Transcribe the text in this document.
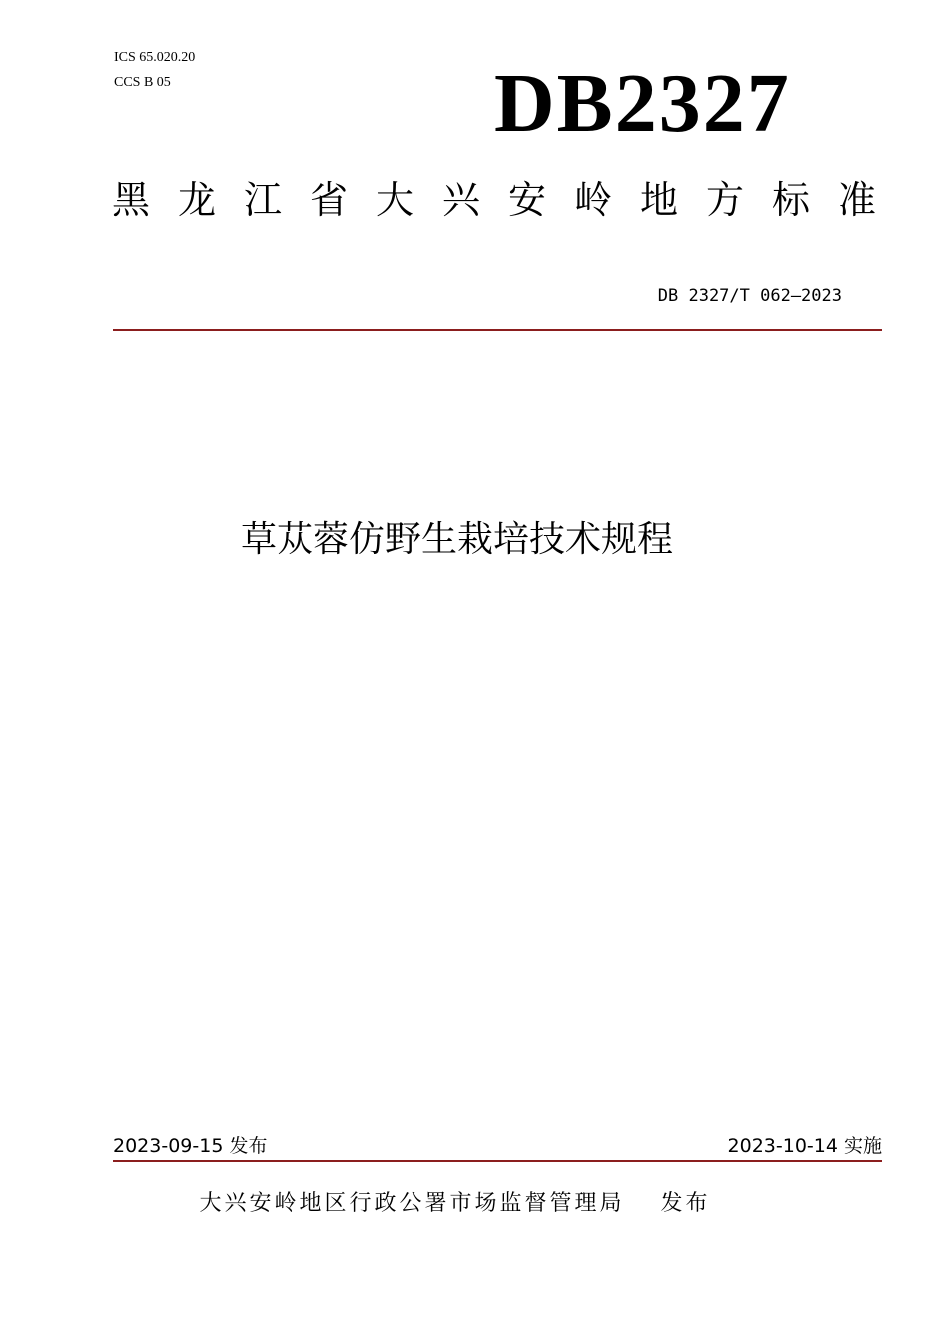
ICS 65.020.20
CCS B 05	DB2327
黑龙江省大兴安岭地方标准
DB 2327/T 062—2023
草苁蓉仿野生栽培技术规程
2023-09-15 发布	2023-10-14 实施
大兴安岭地区行政公署市场监督管理局 发布
